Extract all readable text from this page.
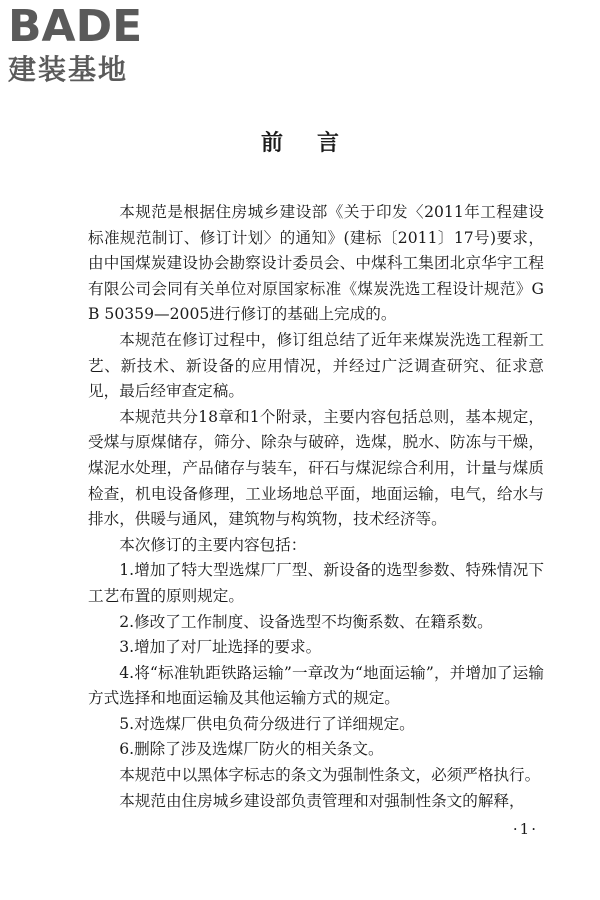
BADE
建装基地
前言

本规范是根据住房城乡建设部《关于印发〈2011年工程建设标准规范制订、修订计划〉的通知》(建标〔2011〕17号)要求，由中国煤炭建设协会勘察设计委员会、中煤科工集团北京华宇工程有限公司会同有关单位对原国家标准《煤炭洗选工程设计规范》GB 50359—2005进行修订的基础上完成的。

本规范在修订过程中，修订组总结了近年来煤炭洗选工程新工艺、新技术、新设备的应用情况，并经过广泛调查研究、征求意见，最后经审查定稿。

本规范共分18章和1个附录，主要内容包括总则，基本规定，受煤与原煤储存，筛分、除杂与破碎，选煤，脱水、防冻与干燥，煤泥水处理，产品储存与装车，矸石与煤泥综合利用，计量与煤质检查，机电设备修理，工业场地总平面，地面运输，电气，给水与排水，供暖与通风，建筑物与构筑物，技术经济等。

本次修订的主要内容包括：

1.增加了特大型选煤厂厂型、新设备的选型参数、特殊情况下工艺布置的原则规定。

2.修改了工作制度、设备选型不均衡系数、在籍系数。

3.增加了对厂址选择的要求。

4.将“标准轨距铁路运输”一章改为“地面运输”，并增加了运输方式选择和地面运输及其他运输方式的规定。

5.对选煤厂供电负荷分级进行了详细规定。

6.删除了涉及选煤厂防火的相关条文。

本规范中以黑体字标志的条文为强制性条文，必须严格执行。

本规范由住房城乡建设部负责管理和对强制性条文的解释，

·1·
